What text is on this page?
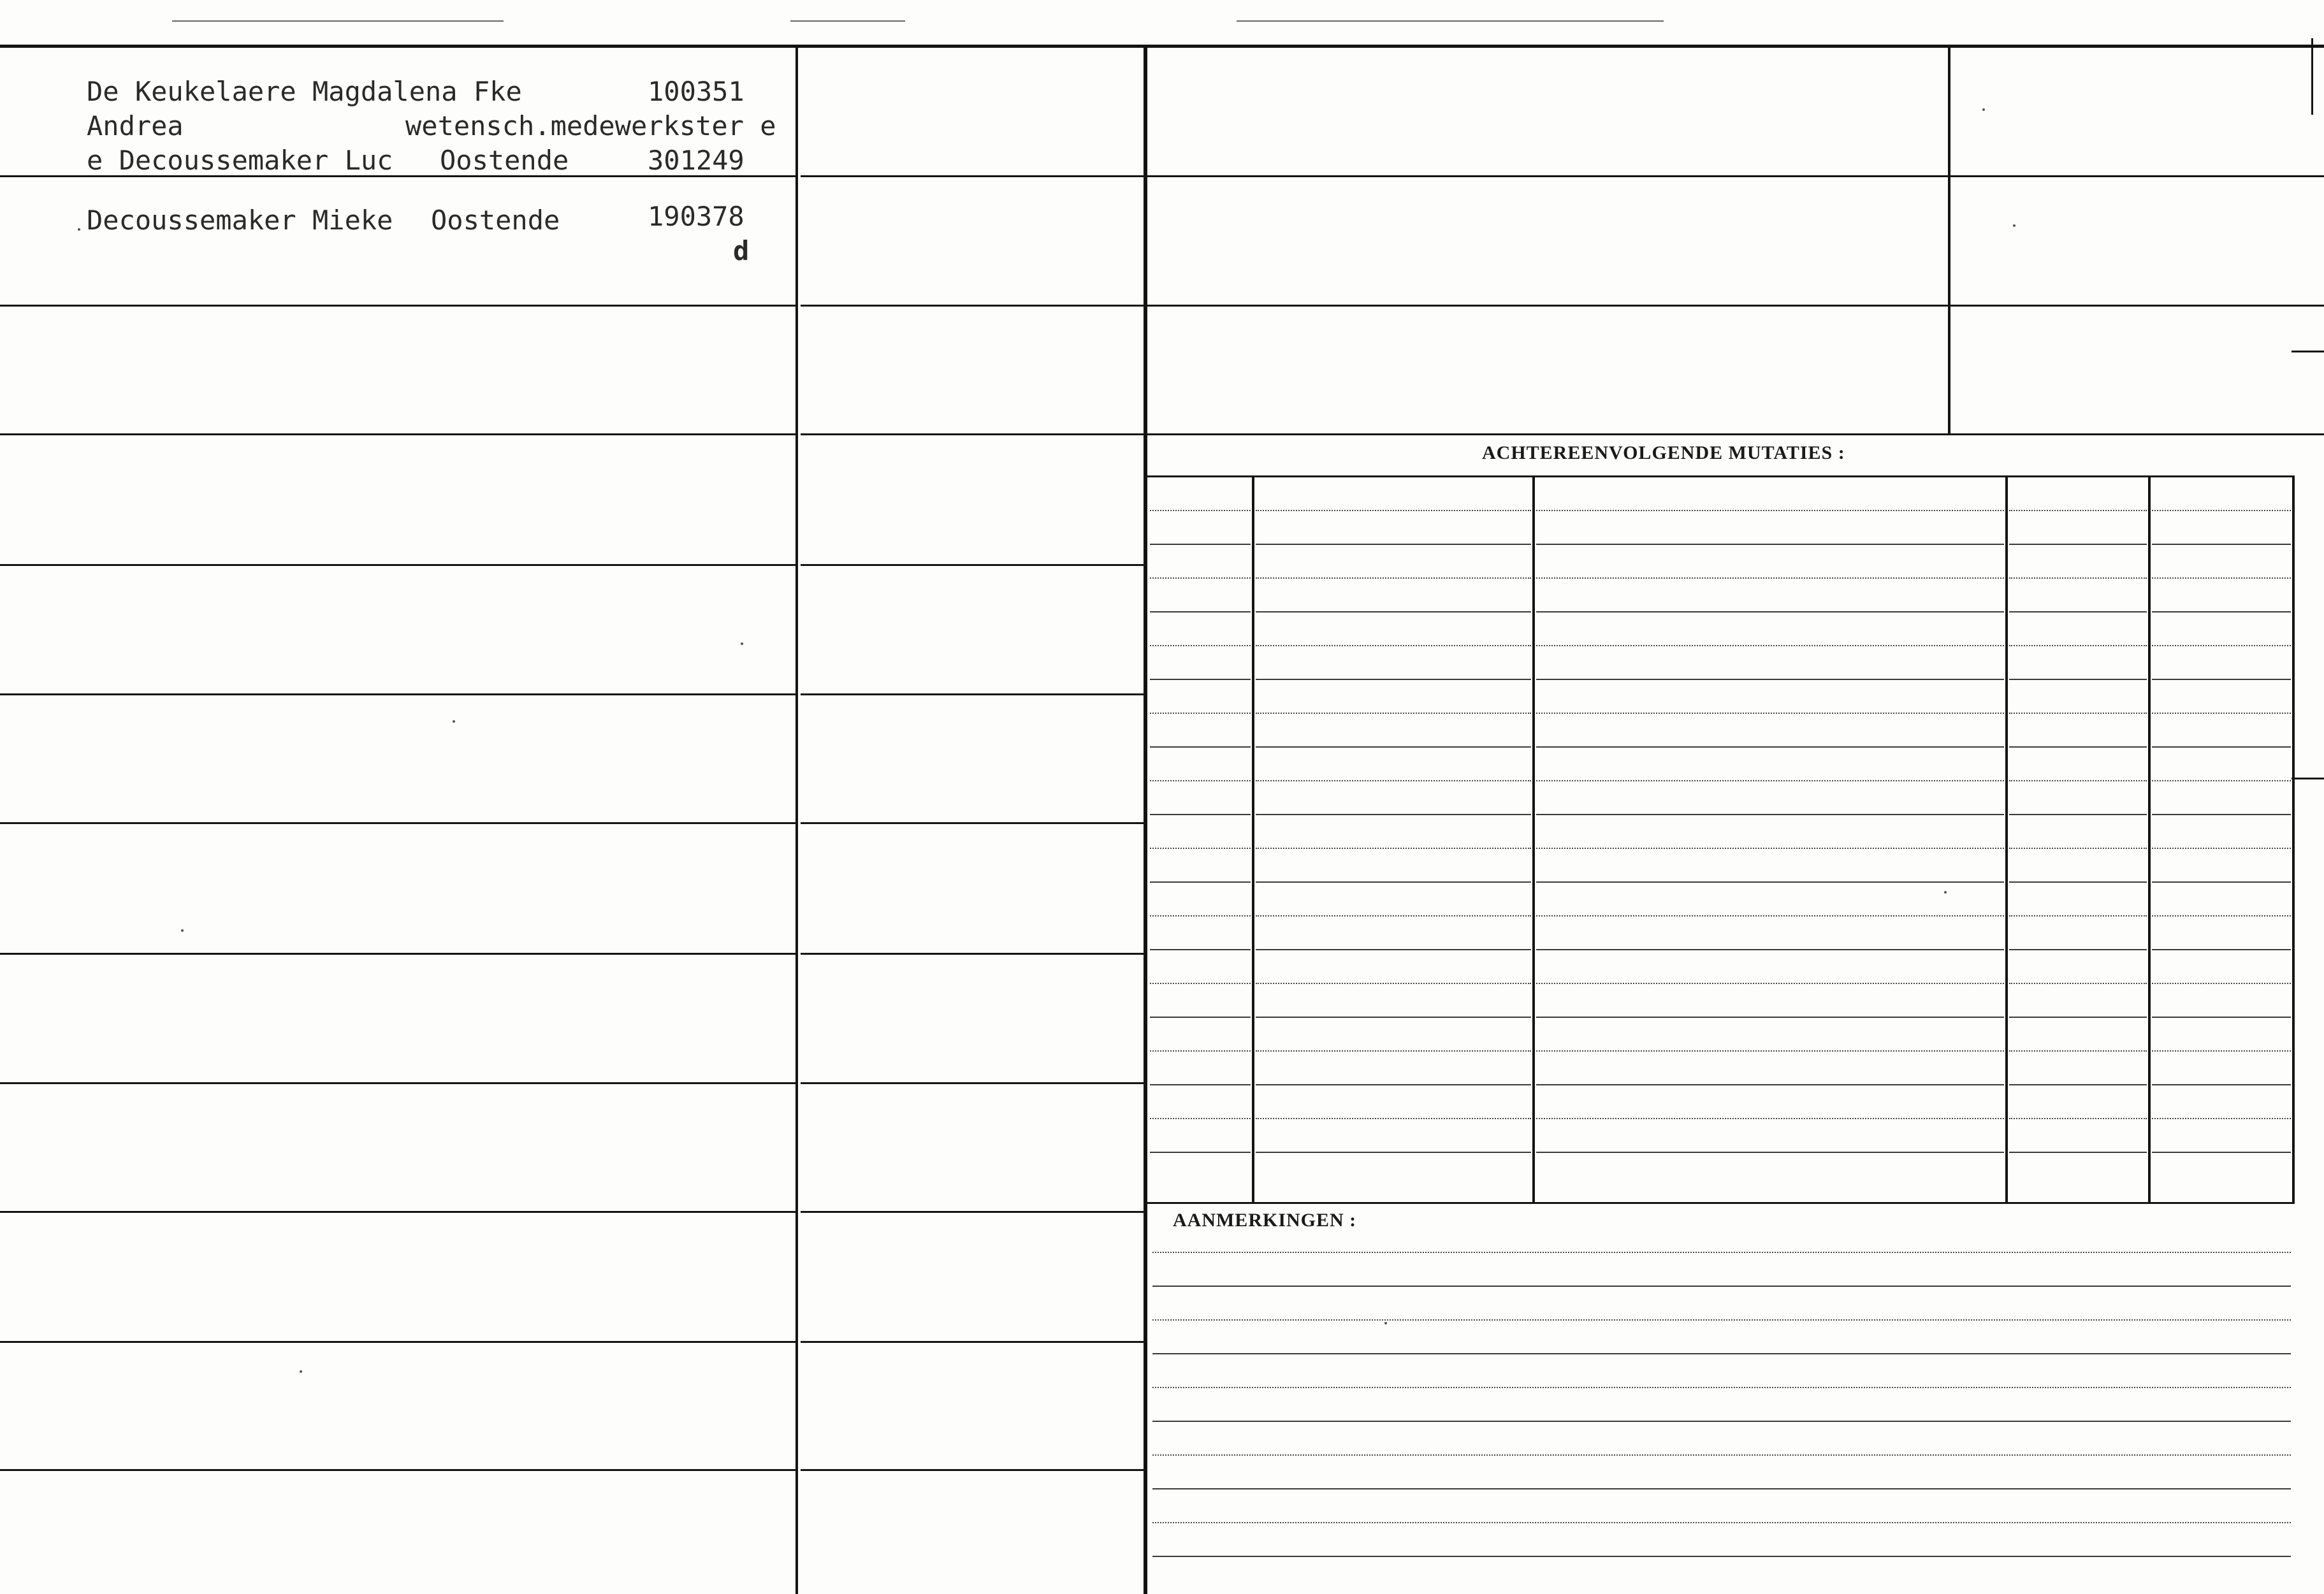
ACHTEREENVOLGENDE MUTATIES :
AANMERKINGEN :
De Keukelaere Magdalena Fke	100351
Andrea	wetensch.medewerkster e
e Decoussemaker Luc Oostende	301249
Decoussemaker Mieke Oostende	190378
d
